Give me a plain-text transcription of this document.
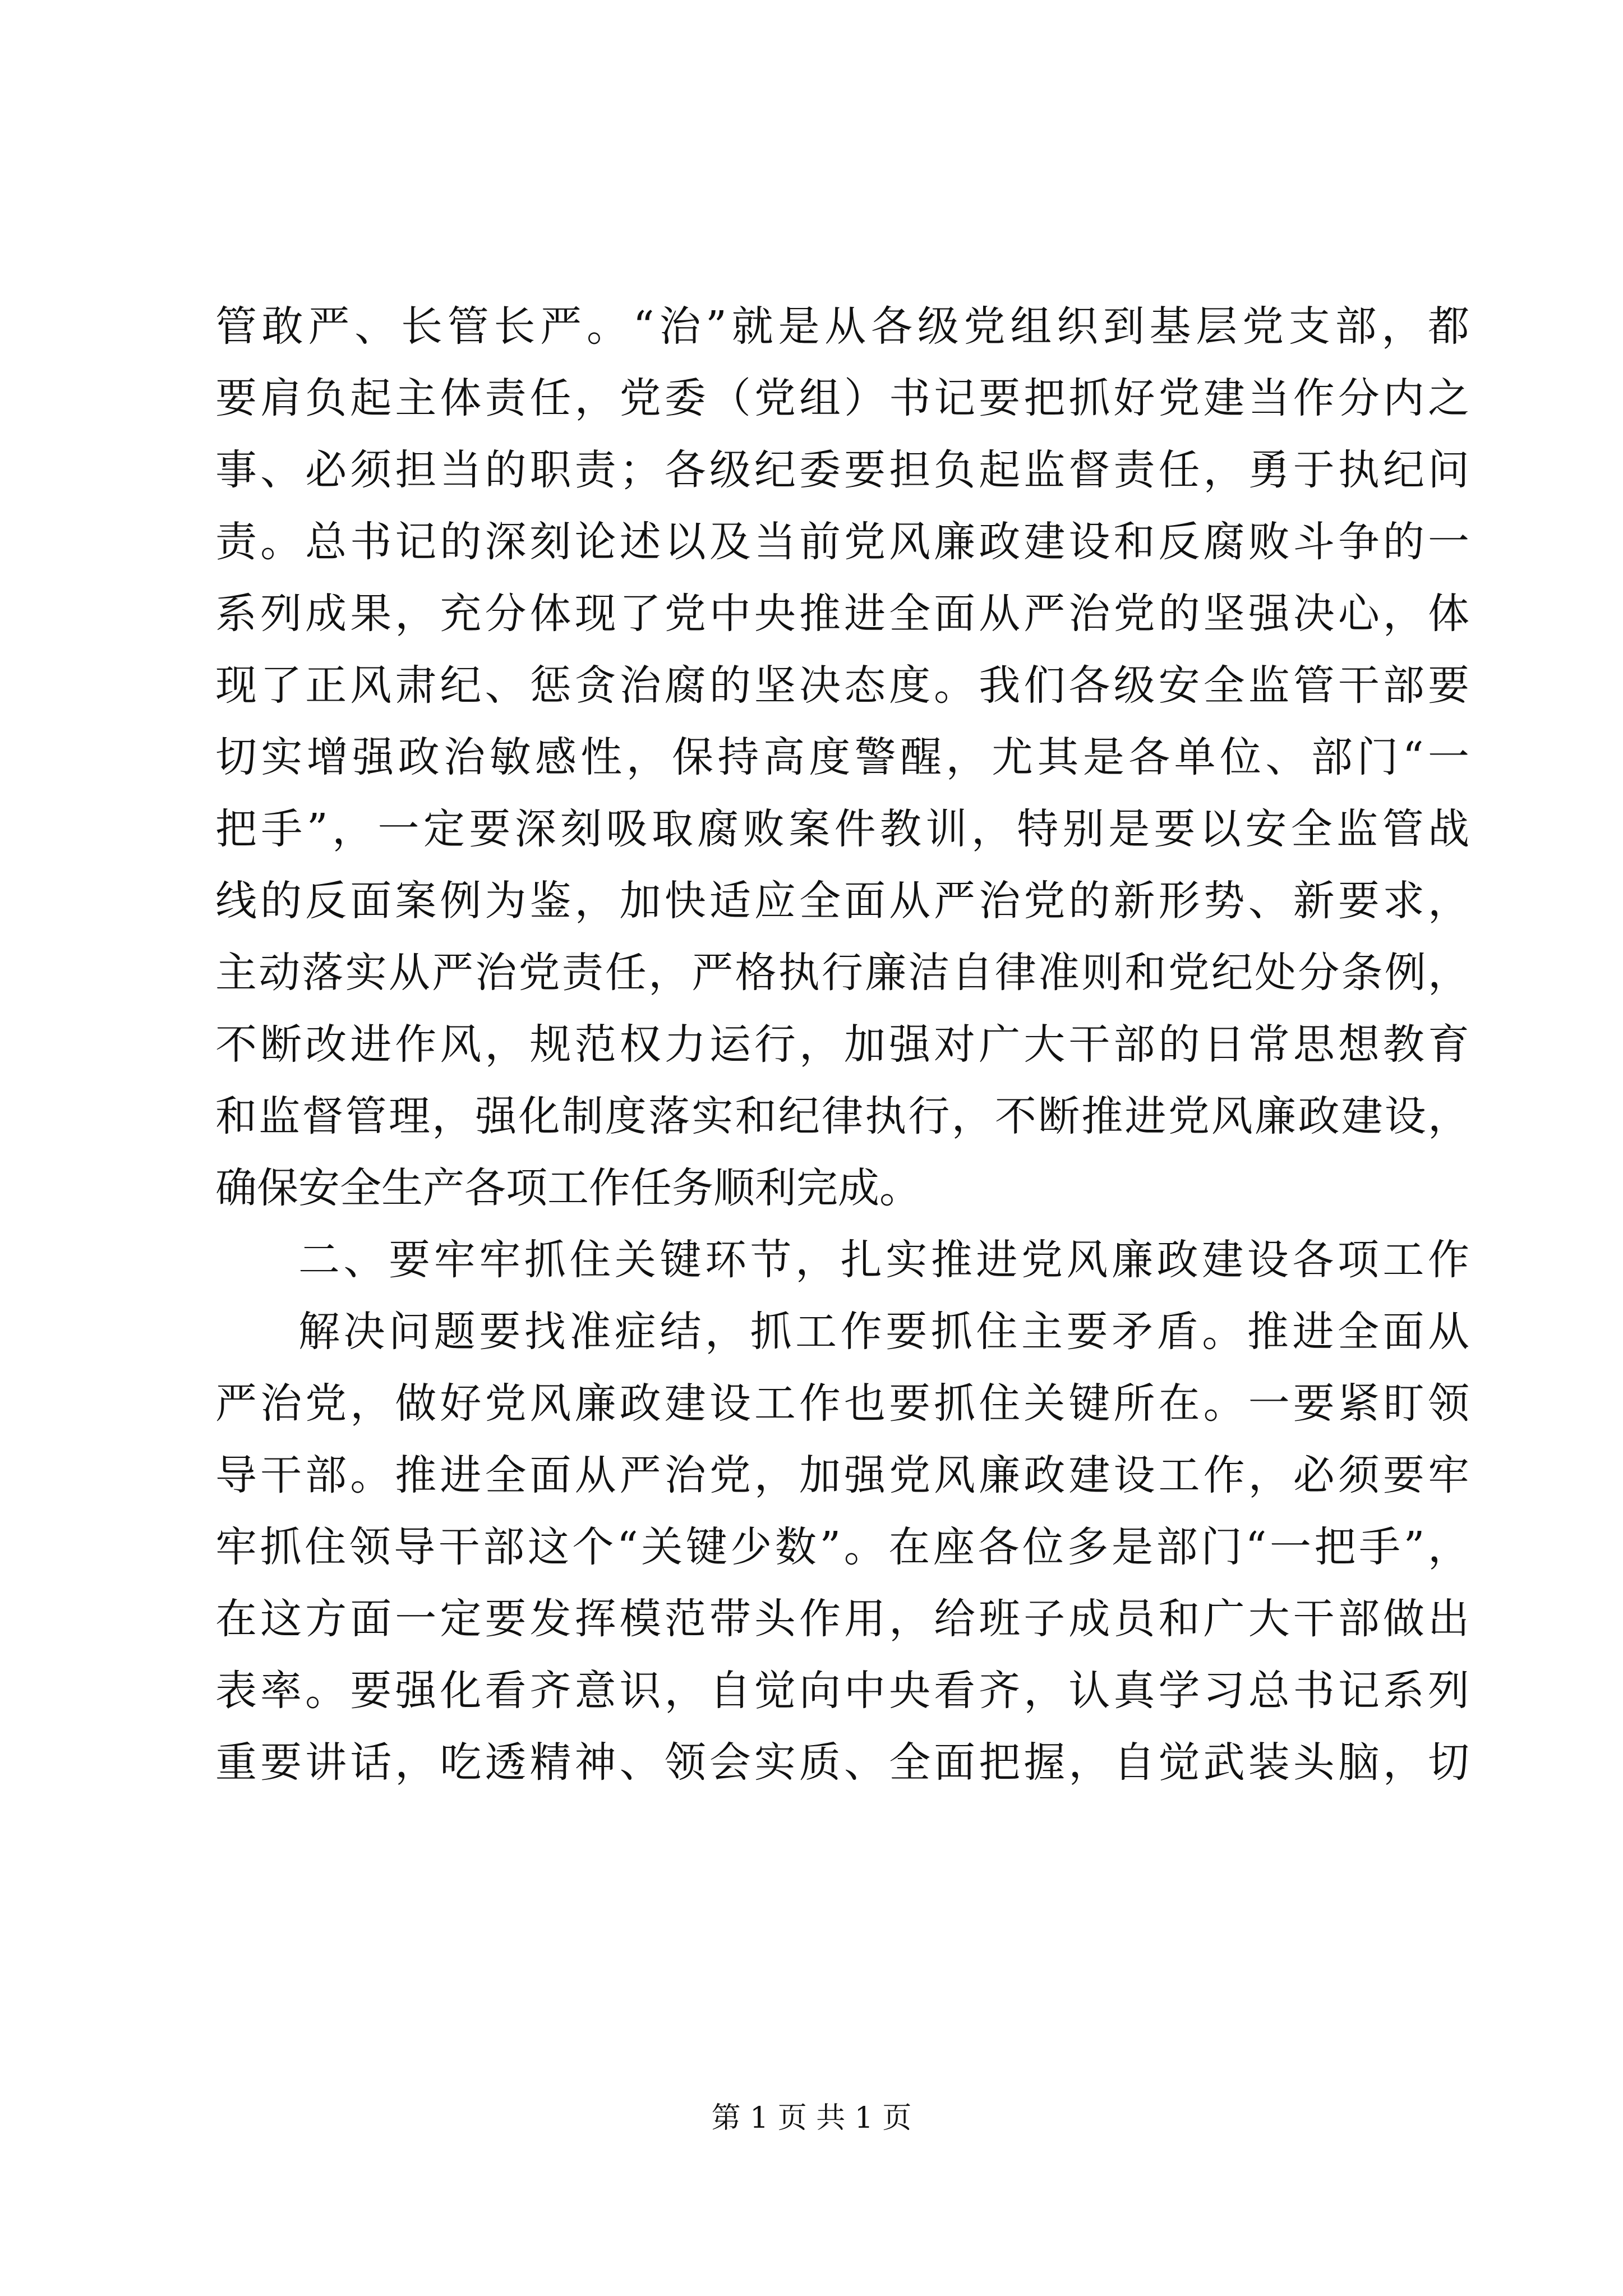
管敢严、长管长严。“治”就是从各级党组织到基层党支部，都
要肩负起主体责任，党委（党组）书记要把抓好党建当作分内之
事、必须担当的职责；各级纪委要担负起监督责任，勇于执纪问
责。总书记的深刻论述以及当前党风廉政建设和反腐败斗争的一
系列成果，充分体现了党中央推进全面从严治党的坚强决心，体
现了正风肃纪、惩贪治腐的坚决态度。我们各级安全监管干部要
切实增强政治敏感性，保持高度警醒，尤其是各单位、部门“一
把手”，一定要深刻吸取腐败案件教训，特别是要以安全监管战
线的反面案例为鉴，加快适应全面从严治党的新形势、新要求，
主动落实从严治党责任，严格执行廉洁自律准则和党纪处分条例，
不断改进作风，规范权力运行，加强对广大干部的日常思想教育
和监督管理，强化制度落实和纪律执行，不断推进党风廉政建设，
确保安全生产各项工作任务顺利完成。
二、要牢牢抓住关键环节，扎实推进党风廉政建设各项工作
解决问题要找准症结，抓工作要抓住主要矛盾。推进全面从
严治党，做好党风廉政建设工作也要抓住关键所在。一要紧盯领
导干部。推进全面从严治党，加强党风廉政建设工作，必须要牢
牢抓住领导干部这个“关键少数”。在座各位多是部门“一把手”，
在这方面一定要发挥模范带头作用，给班子成员和广大干部做出
表率。要强化看齐意识，自觉向中央看齐，认真学习总书记系列
重要讲话，吃透精神、领会实质、全面把握，自觉武装头脑，切
第 1 页 共 1 页
